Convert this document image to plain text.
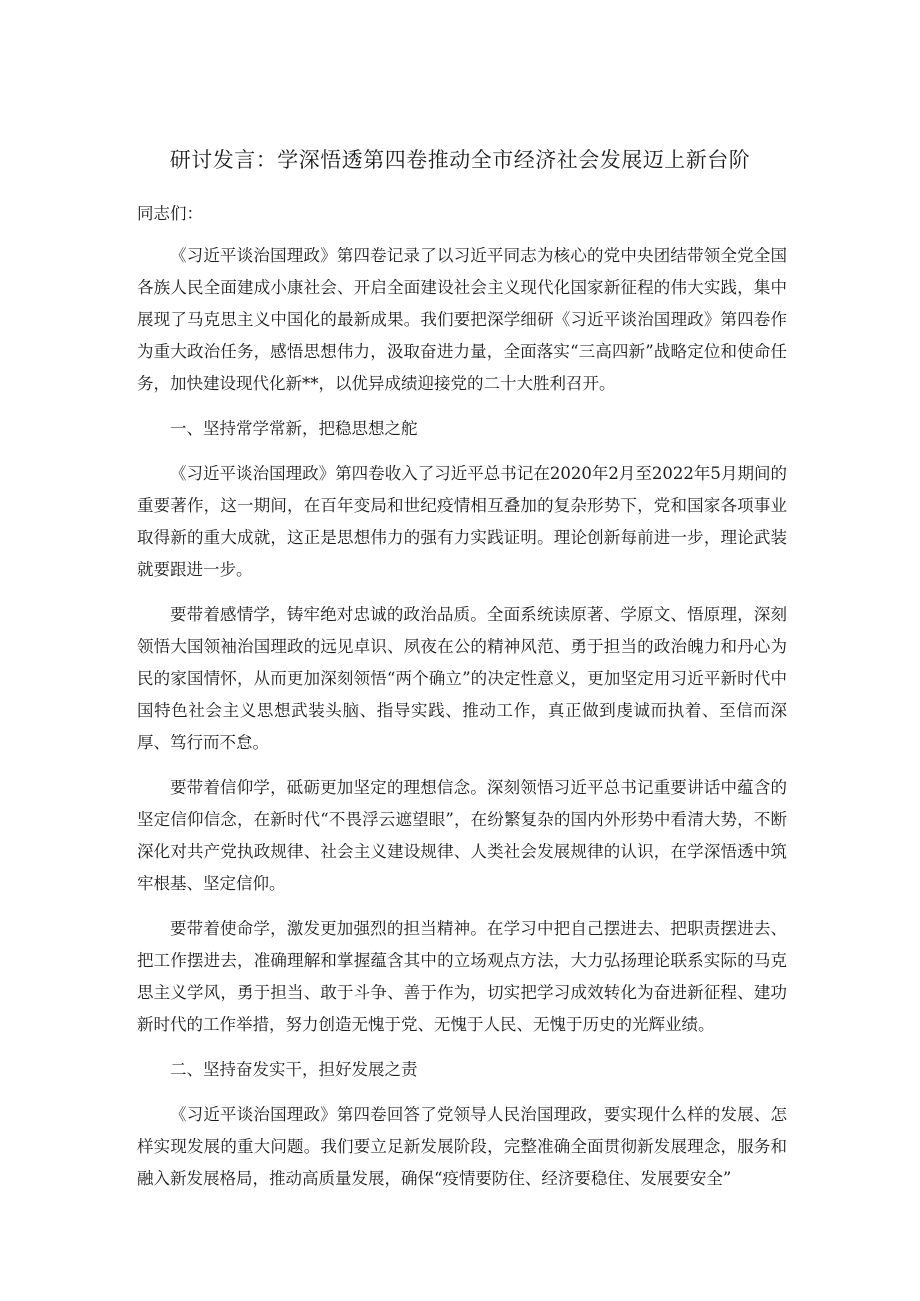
研讨发言：学深悟透第四卷推动全市经济社会发展迈上新台阶

同志们：

《习近平谈治国理政》第四卷记录了以习近平同志为核心的党中央团结带领全党全国各族人民全面建成小康社会、开启全面建设社会主义现代化国家新征程的伟大实践，集中展现了马克思主义中国化的最新成果。我们要把深学细研《习近平谈治国理政》第四卷作为重大政治任务，感悟思想伟力，汲取奋进力量，全面落实“三高四新”战略定位和使命任务，加快建设现代化新**，以优异成绩迎接党的二十大胜利召开。

一、坚持常学常新，把稳思想之舵

《习近平谈治国理政》第四卷收入了习近平总书记在2020年2月至2022年5月期间的重要著作，这一期间，在百年变局和世纪疫情相互叠加的复杂形势下，党和国家各项事业取得新的重大成就，这正是思想伟力的强有力实践证明。理论创新每前进一步，理论武装就要跟进一步。

要带着感情学，铸牢绝对忠诚的政治品质。全面系统读原著、学原文、悟原理，深刻领悟大国领袖治国理政的远见卓识、夙夜在公的精神风范、勇于担当的政治魄力和丹心为民的家国情怀，从而更加深刻领悟“两个确立”的决定性意义，更加坚定用习近平新时代中国特色社会主义思想武装头脑、指导实践、推动工作，真正做到虔诚而执着、至信而深厚、笃行而不怠。

要带着信仰学，砥砺更加坚定的理想信念。深刻领悟习近平总书记重要讲话中蕴含的坚定信仰信念，在新时代“不畏浮云遮望眼”，在纷繁复杂的国内外形势中看清大势，不断深化对共产党执政规律、社会主义建设规律、人类社会发展规律的认识，在学深悟透中筑牢根基、坚定信仰。

要带着使命学，激发更加强烈的担当精神。在学习中把自己摆进去、把职责摆进去、把工作摆进去，准确理解和掌握蕴含其中的立场观点方法，大力弘扬理论联系实际的马克思主义学风，勇于担当、敢于斗争、善于作为，切实把学习成效转化为奋进新征程、建功新时代的工作举措，努力创造无愧于党、无愧于人民、无愧于历史的光辉业绩。

二、坚持奋发实干，担好发展之责

《习近平谈治国理政》第四卷回答了党领导人民治国理政，要实现什么样的发展、怎样实现发展的重大问题。我们要立足新发展阶段，完整准确全面贯彻新发展理念，服务和融入新发展格局，推动高质量发展，确保“疫情要防住、经济要稳住、发展要安全”
